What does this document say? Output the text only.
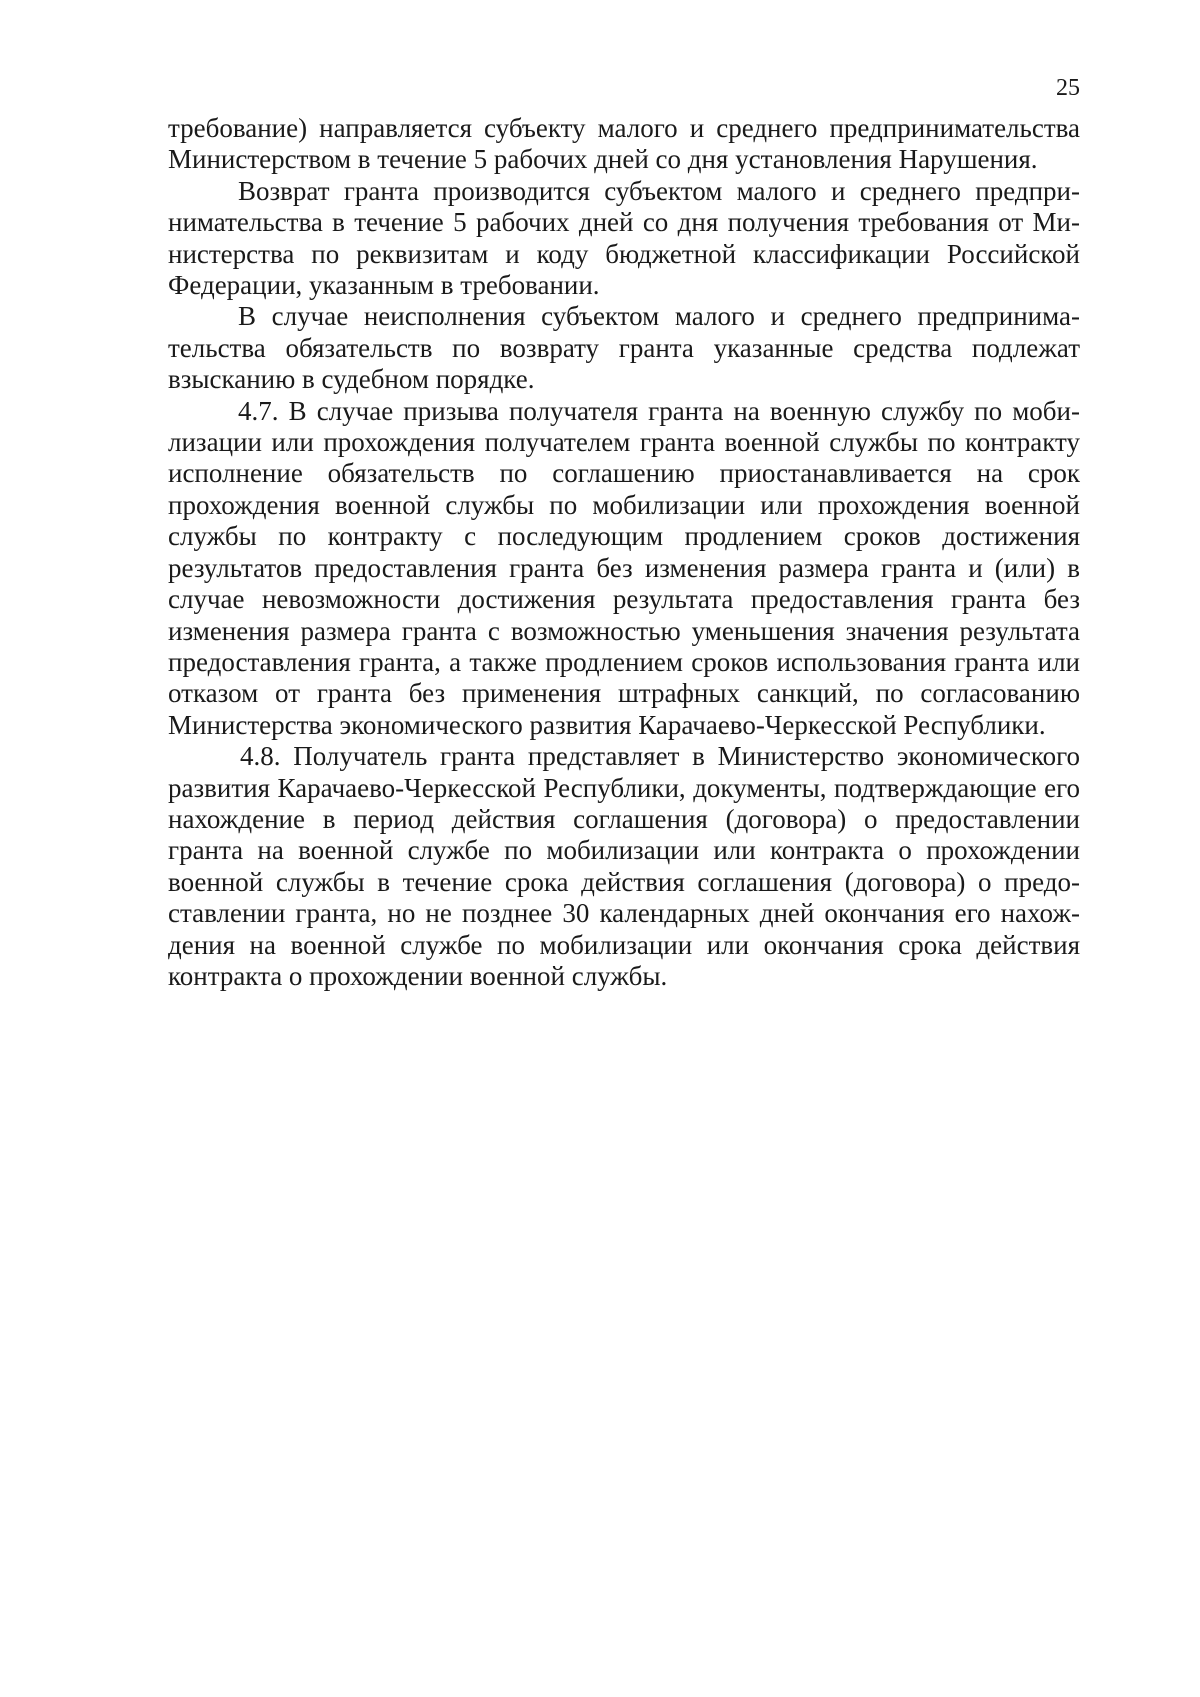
25

требование) направляется субъекту малого и среднего предпринимательства Министерством в течение 5 рабочих дней со дня установления Нарушения.

Возврат гранта производится субъектом малого и среднего предпринимательства в течение 5 рабочих дней со дня получения требования от Министерства по реквизитам и коду бюджетной классификации Российской Федерации, указанным в требовании.

В случае неисполнения субъектом малого и среднего предпринимательства обязательств по возврату гранта указанные средства подлежат взысканию в судебном порядке.

4.7. В случае призыва получателя гранта на военную службу по мобилизации или прохождения получателем гранта военной службы по контракту исполнение обязательств по соглашению приостанавливается на срок прохождения военной службы по мобилизации или прохождения военной службы по контракту с последующим продлением сроков достижения результатов предоставления гранта без изменения размера гранта и (или) в случае невозможности достижения результата предоставления гранта без изменения размера гранта с возможностью уменьшения значения результата предоставления гранта, а также продлением сроков использования гранта или отказом от гранта без применения штрафных санкций, по согласованию Министерства экономического развития Карачаево-Черкесской Республики.

4.8. Получатель гранта представляет в Министерство экономического развития Карачаево-Черкесской Республики, документы, подтверждающие его нахождение в период действия соглашения (договора) о предоставлении гранта на военной службе по мобилизации или контракта о прохождении военной службы в течение срока действия соглашения (договора) о предоставлении гранта, но не позднее 30 календарных дней окончания его нахождения на военной службе по мобилизации или окончания срока действия контракта о прохождении военной службы.
